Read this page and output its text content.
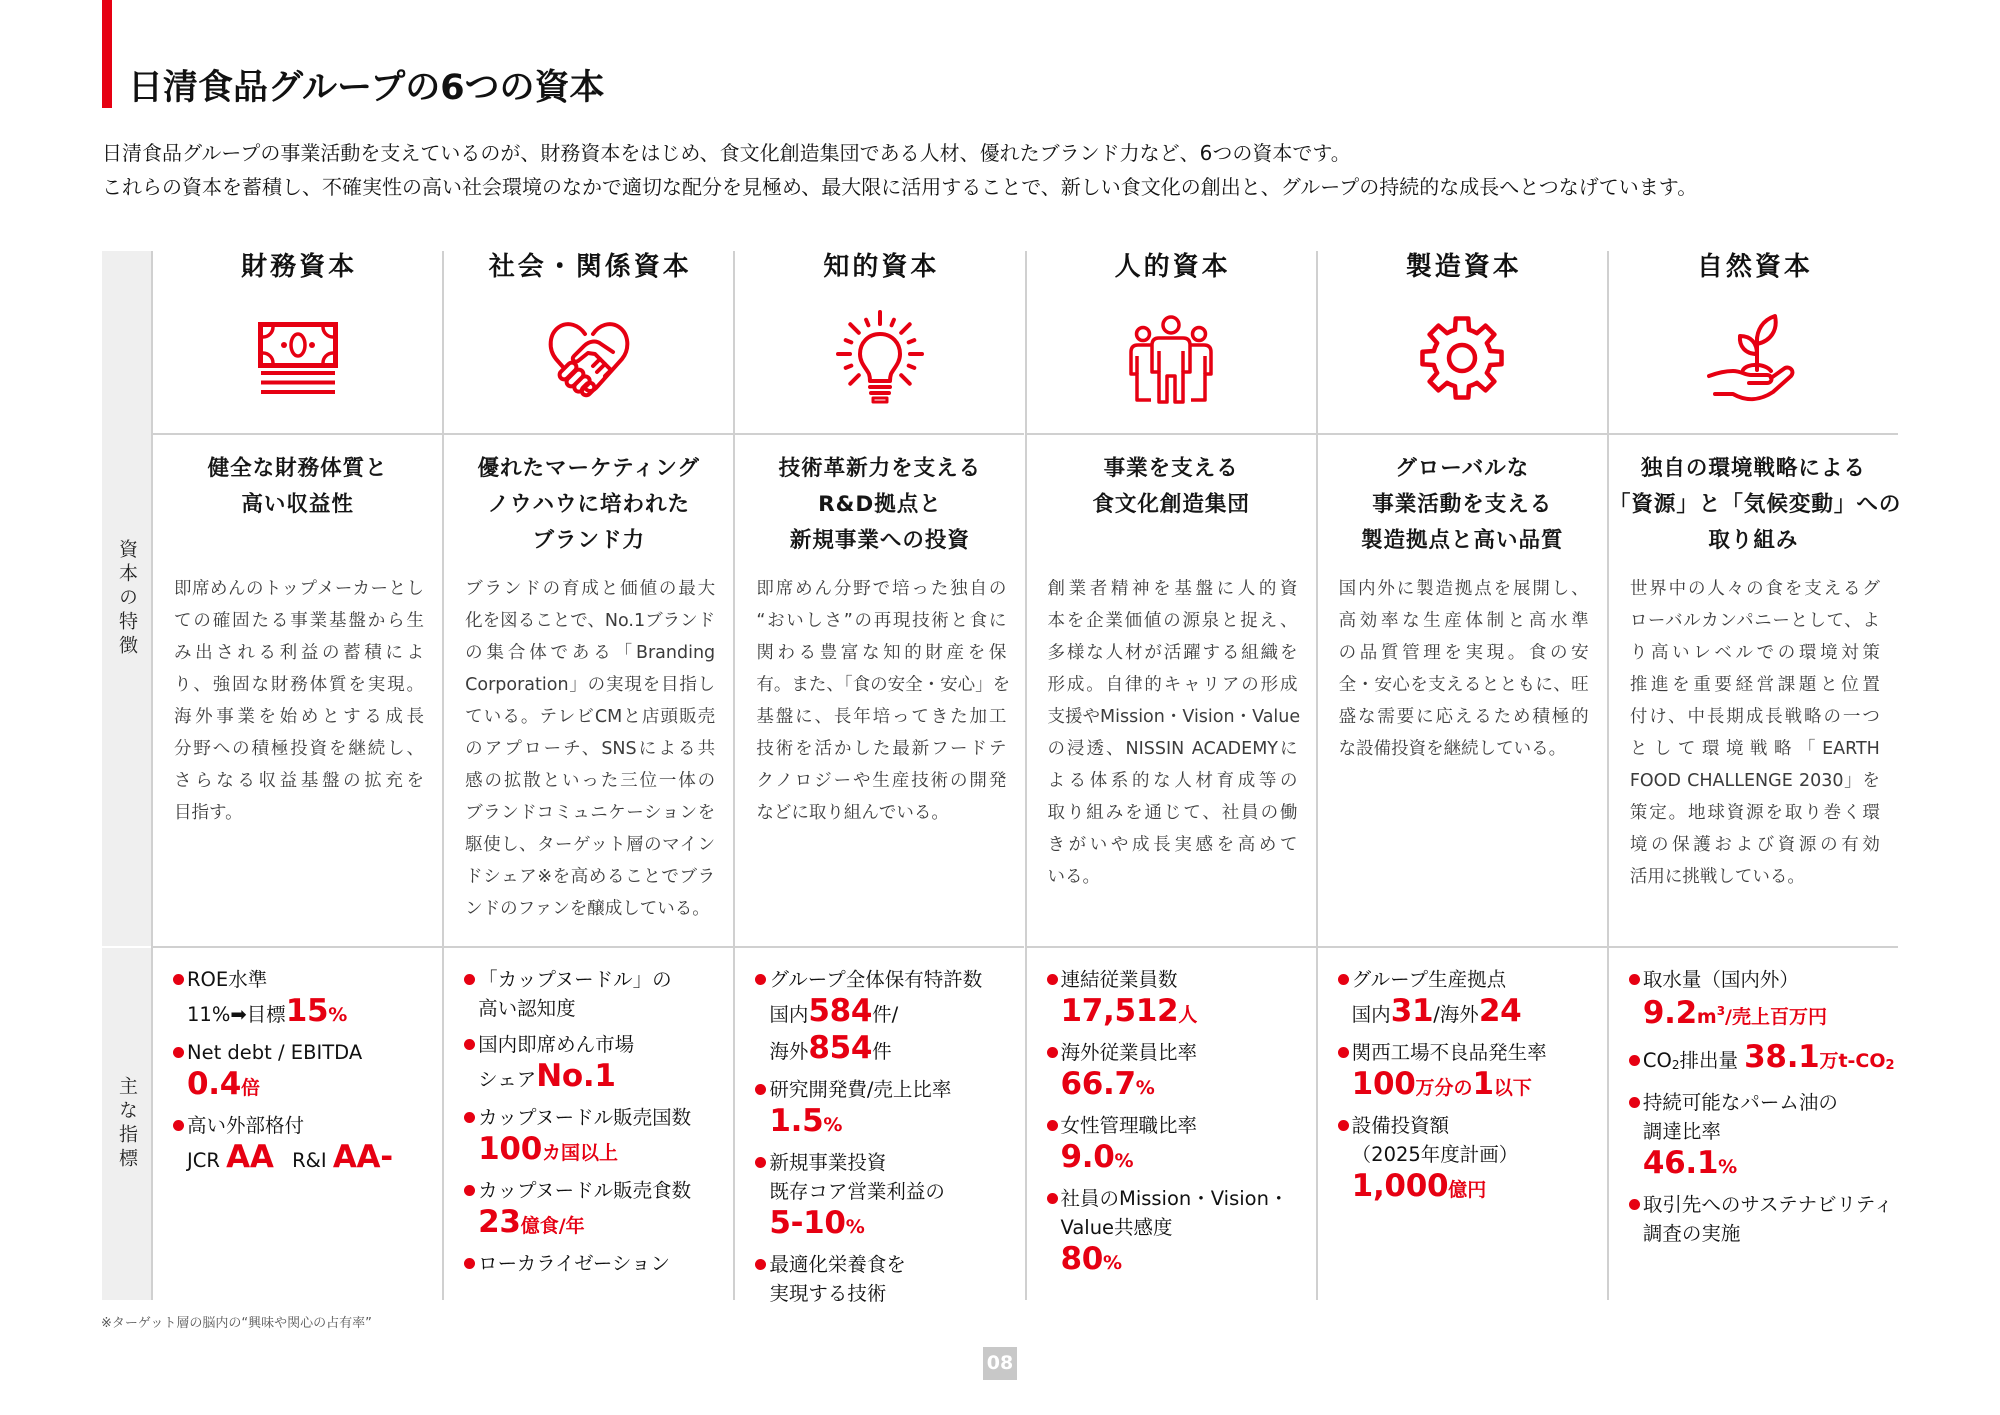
日清食品グループの6つの資本
日清食品グループの事業活動を支えているのが、財務資本をはじめ、食文化創造集団である人材、優れたブランド力など、6つの資本です。
これらの資本を蓄積し、不確実性の高い社会環境のなかで適切な配分を見極め、最大限に活用することで、新しい食文化の創出と、グループの持続的な成長へとつなげています。
資本の特徴
主な指標
財務資本
健全な財務体質と
高い収益性
即席めんのトップメーカーとし
ての確固たる事業基盤から生
み出される利益の蓄積によ
り、強固な財務体質を実現。
海外事業を始めとする成長
分野への積極投資を継続し、
さらなる収益基盤の拡充を
目指す。
ROE水準
11%➡目標15%
Net debt / EBITDA
0.4倍
高い外部格付
JCR AA   R&I AA-
社会・関係資本
優れたマーケティング
ノウハウに培われた
ブランド力
ブランドの育成と価値の最大
化を図ることで、No.1ブランド
の集合体である「Branding
Corporation」の実現を目指し
ている。テレビCMと店頭販売
のアプローチ、SNSによる共
感の拡散といった三位一体の
ブランドコミュニケーションを
駆使し、ターゲット層のマイン
ドシェア※を高めることでブラ
ンドのファンを醸成している。
「カップヌードル」の
高い認知度
国内即席めん市場
シェアNo.1
カップヌードル販売国数
100カ国以上
カップヌードル販売食数
23億食/年
ローカライゼーション
知的資本
技術革新力を支える
R&D拠点と
新規事業への投資
即席めん分野で培った独自の
“おいしさ”の再現技術と食に
関わる豊富な知的財産を保
有。また、「食の安全・安心」を
基盤に、長年培ってきた加工
技術を活かした最新フードテ
クノロジーや生産技術の開発
などに取り組んでいる。
グループ全体保有特許数
国内584件/
海外854件
研究開発費/売上比率
1.5%
新規事業投資
既存コア営業利益の
5-10%
最適化栄養食を
実現する技術
人的資本
事業を支える
食文化創造集団
創業者精神を基盤に人的資
本を企業価値の源泉と捉え、
多様な人材が活躍する組織を
形成。自律的キャリアの形成
支援やMission・Vision・Value
の浸透、NISSIN ACADEMYに
よる体系的な人材育成等の
取り組みを通じて、社員の働
きがいや成長実感を高めて
いる。
連結従業員数
17,512人
海外従業員比率
66.7%
女性管理職比率
9.0%
社員のMission・Vision・
Value共感度
80%
製造資本
グローバルな
事業活動を支える
製造拠点と高い品質
国内外に製造拠点を展開し、
高効率な生産体制と高水準
の品質管理を実現。食の安
全・安心を支えるとともに、旺
盛な需要に応えるため積極的
な設備投資を継続している。
グループ生産拠点
国内31/海外24
関西工場不良品発生率
100万分の1以下
設備投資額
（2025年度計画）
1,000億円
自然資本
独自の環境戦略による
「資源」と「気候変動」への
取り組み
世界中の人々の食を支えるグ
ローバルカンパニーとして、よ
り高いレベルでの環境対策
推進を重要経営課題と位置
付け、中長期成長戦略の一つ
として環境戦略「EARTH
FOOD CHALLENGE 2030」を
策定。地球資源を取り巻く環
境の保護および資源の有効
活用に挑戦している。
取水量（国内外）
$9.2m^3/$売上百万円
CO2排出量 38.1万t-CO2
持続可能なパーム油の
調達比率
46.1%
取引先へのサステナビリティ
調査の実施
※ターゲット層の脳内の“興味や関心の占有率”
08
